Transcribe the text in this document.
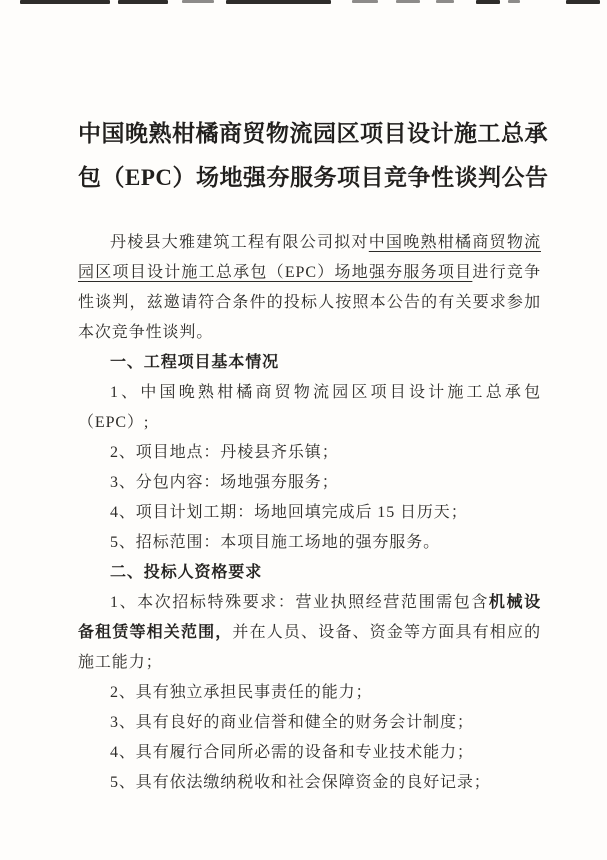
中国晚熟柑橘商贸物流园区项目设计施工总承
包（EPC）场地强夯服务项目竞争性谈判公告

丹棱县大雅建筑工程有限公司拟对中国晚熟柑橘商贸物流园区项目设计施工总承包（EPC）场地强夯服务项目进行竞争性谈判，兹邀请符合条件的投标人按照本公告的有关要求参加本次竞争性谈判。

一、工程项目基本情况

1、中国晚熟柑橘商贸物流园区项目设计施工总承包（EPC）;

2、项目地点：丹棱县齐乐镇；

3、分包内容：场地强夯服务；

4、项目计划工期：场地回填完成后 15 日历天；

5、招标范围：本项目施工场地的强夯服务。

二、投标人资格要求

1、本次招标特殊要求：营业执照经营范围需包含机械设备租赁等相关范围，并在人员、设备、资金等方面具有相应的施工能力；

2、具有独立承担民事责任的能力；

3、具有良好的商业信誉和健全的财务会计制度；

4、具有履行合同所必需的设备和专业技术能力；

5、具有依法缴纳税收和社会保障资金的良好记录；
